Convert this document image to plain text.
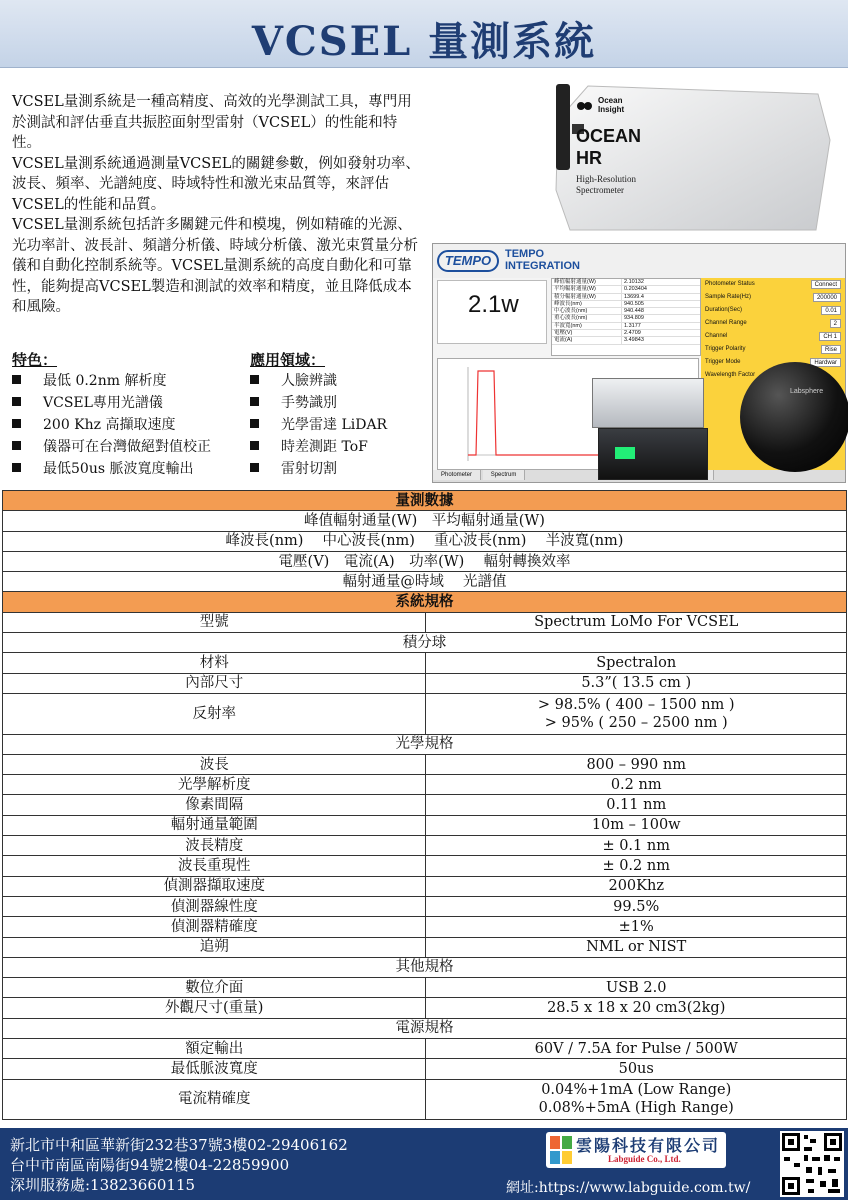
VCSEL 量測系統

VCSEL量測系統是一種高精度、高效的光學測試工具，專門用於測試和評估垂直共振腔面射型雷射（VCSEL）的性能和特性。

VCSEL量測系統通過測量VCSEL的關鍵參數，例如發射功率、波長、頻率、光譜純度、時域特性和激光束品質等，來評估VCSEL的性能和品質。

VCSEL量測系統包括許多關鍵元件和模塊，例如精確的光源、光功率計、波長計、頻譜分析儀、時域分析儀、激光束質量分析儀和自動化控制系統等。VCSEL量測系統的高度自動化和可靠性，能夠提高VCSEL製造和測試的效率和精度，並且降低成本和風險。

特色：
最低 0.2nm 解析度
VCSEL專用光譜儀
200 Khz 高擷取速度
儀器可在台灣做絕對值校正
最低50us 脈波寬度輸出
應用領域：
人臉辨識
手勢識別
光學雷達 LiDAR
時差測距 ToF
雷射切割
Ocean
Insight
OCEAN
HR
High-Resolution
Spectrometer
TEMPO	TEMPO
INTEGRATION
2.1w
峰值輻射通量(W)	2.10132
平均輻射通量(W)	0.203404
積分輻射通量(W)	13699.4
峰波長(nm)	940.505
中心波長(nm)	940.448
重心波長(nm)	934.809
半波寬(nm)	1.3177
電壓(V)	2.4709
電流(A)	3.49843
Photometer Status	Connect
Sample Rate(Hz)	200000
Duration(Sec)	0.01
Channel Range	2
Channel	CH 1
Trigger Polarity	Rise
Trigger Mode	Hardwar
Wavelength Factor
Photometer	Spectrum
Labsphere
量測數據	
峰值輻射通量(W)　平均輻射通量(W)	
峰波長(nm)　 中心波長(nm)　 重心波長(nm)　 半波寬(nm)	
電壓(V)　電流(A)　功率(W)　 輻射轉換效率	
輻射通量@時域　 光譜值	
系統規格	
型號	Spectrum LoMo For VCSEL
積分球	
材料	Spectralon
內部尺寸	5.3”( 13.5 cm )
反射率	> 98.5% ( 400 – 1500 nm )
> 95% ( 250 – 2500 nm )

光學規格	
波長	800 – 990 nm
光學解析度	0.2 nm
像素間隔	0.11 nm
輻射通量範圍	10m – 100w
波長精度	± 0.1 nm
波長重現性	± 0.2 nm
偵測器擷取速度	200Khz
偵測器線性度	99.5%
偵測器精確度	±1%
追朔	NML or NIST
其他規格	
數位介面	USB 2.0
外觀尺寸(重量)	28.5 x 18 x 20 cm3(2kg)
電源規格	
額定輸出	60V / 7.5A for Pulse / 500W
最低脈波寬度	50us
電流精確度	0.04%+1mA (Low Range)
0.08%+5mA (High Range)
新北市中和區華新街232巷37號3樓02-29406162
台中市南區南陽街94號2樓04-22859900
深圳服務處:13823660115	網址:https://www.labguide.com.tw/
雲陽科技有限公司
Labguide Co., Ltd.
